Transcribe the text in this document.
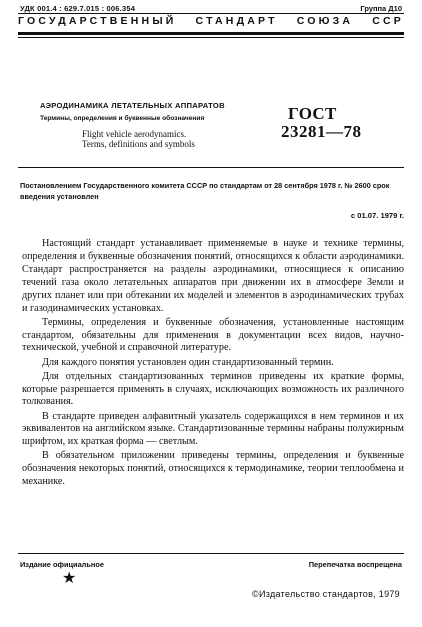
УДК 001.4 : 629.7.015 : 006.354	Группа Д10
ГОСУДАРСТВЕННЫЙ СТАНДАРТ СОЮЗА ССР
АЭРОДИНАМИКА ЛЕТАТЕЛЬНЫХ АППАРАТОВ
Термины, определения и буквенные обозначения
Flight vehicle aerodynamics.
Terms, definitions and symbols
ГОСТ
23281—78
Постановлением Государственного комитета СССР по стандартам от 28 сентября 1978 г. № 2600 срок введения установлен
с 01.07. 1979 г.

Настоящий стандарт устанавливает применяемые в науке и технике термины, определения и буквенные обозначения понятий, относящихся к области аэродинамики. Стандарт распространяется на разделы аэродинамики, относящиеся к описанию течений газа около летательных аппаратов при движении их в атмосфере Земли и других планет или при обтекании их моделей и элементов в аэродинамических трубах и газодинамических установках.

Термины, определения и буквенные обозначения, установленные настоящим стандартом, обязательны для применения в документации всех видов, научно-технической, учебной и справочной литературе.

Для каждого понятия установлен один стандартизованный термин.

Для отдельных стандартизованных терминов приведены их краткие формы, которые разрешается применять в случаях, исключающих возможность их различного толкования.

В стандарте приведен алфавитный указатель содержащихся в нем терминов и их эквивалентов на английском языке. Стандартизованные термины набраны полужирным шрифтом, их краткая форма — светлым.

В обязательном приложении приведены термины, определения и буквенные обозначения некоторых понятий, относящихся к термодинамике, теории теплообмена и механике.

Издание официальное	Перепечатка воспрещена
★
©Издательство стандартов, 1979
